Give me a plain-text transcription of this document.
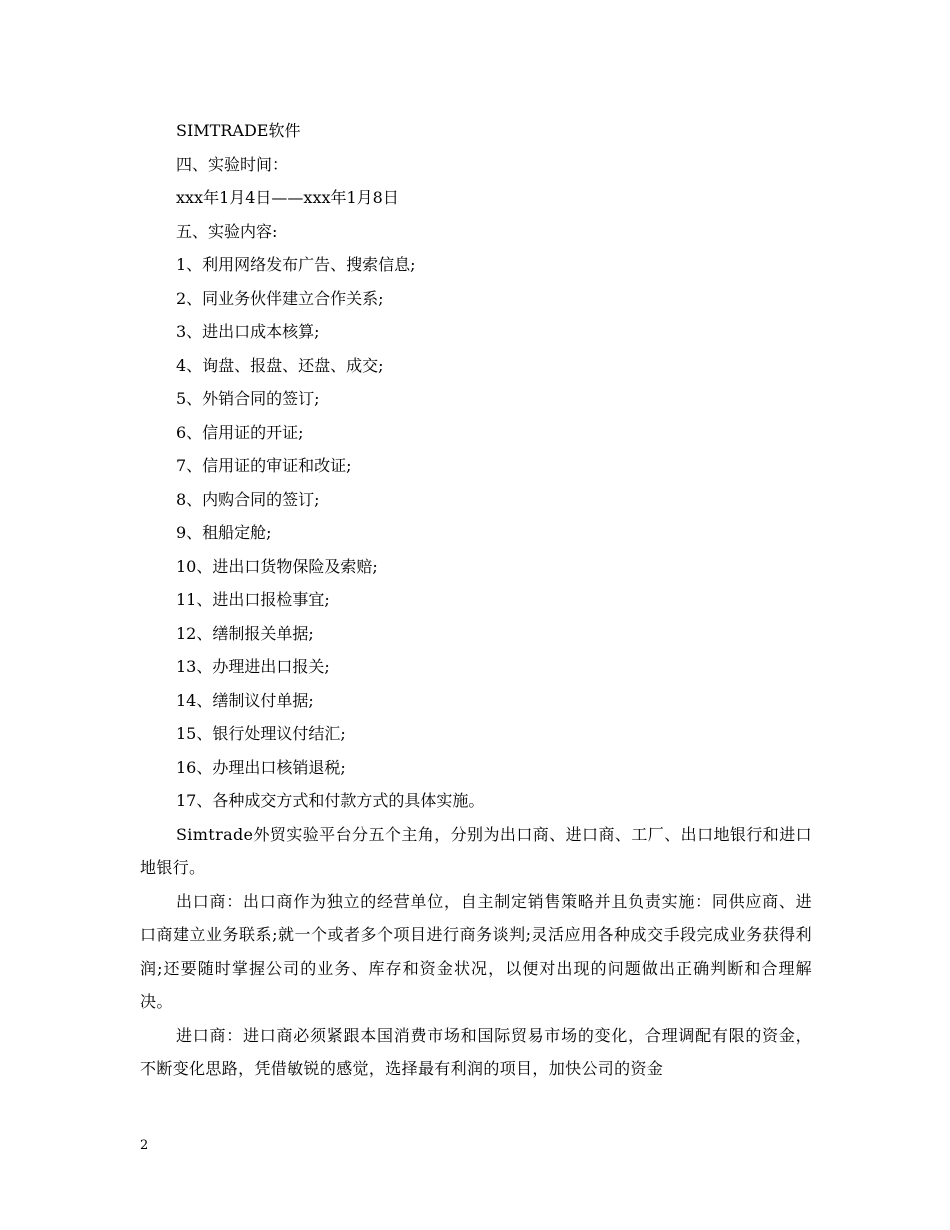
SIMTRADE软件

四、实验时间：

xxx年1月4日——xxx年1月8日

五、实验内容:

1、利用网络发布广告、搜索信息;

2、同业务伙伴建立合作关系;

3、进出口成本核算;

4、询盘、报盘、还盘、成交;

5、外销合同的签订;

6、信用证的开证;

7、信用证的审证和改证;

8、内购合同的签订;

9、租船定舱;

10、进出口货物保险及索赔;

11、进出口报检事宜;

12、缮制报关单据;

13、办理进出口报关;

14、缮制议付单据;

15、银行处理议付结汇;

16、办理出口核销退税;

17、各种成交方式和付款方式的具体实施。

Simtrade外贸实验平台分五个主角，分别为出口商、进口商、工厂、出口地银行和进口地银行。

出口商：出口商作为独立的经营单位，自主制定销售策略并且负责实施：同供应商、进口商建立业务联系;就一个或者多个项目进行商务谈判;灵活应用各种成交手段完成业务获得利润;还要随时掌握公司的业务、库存和资金状况，以便对出现的问题做出正确判断和合理解决。

进口商：进口商必须紧跟本国消费市场和国际贸易市场的变化，合理调配有限的资金，不断变化思路，凭借敏锐的感觉，选择最有利润的项目，加快公司的资金

2
